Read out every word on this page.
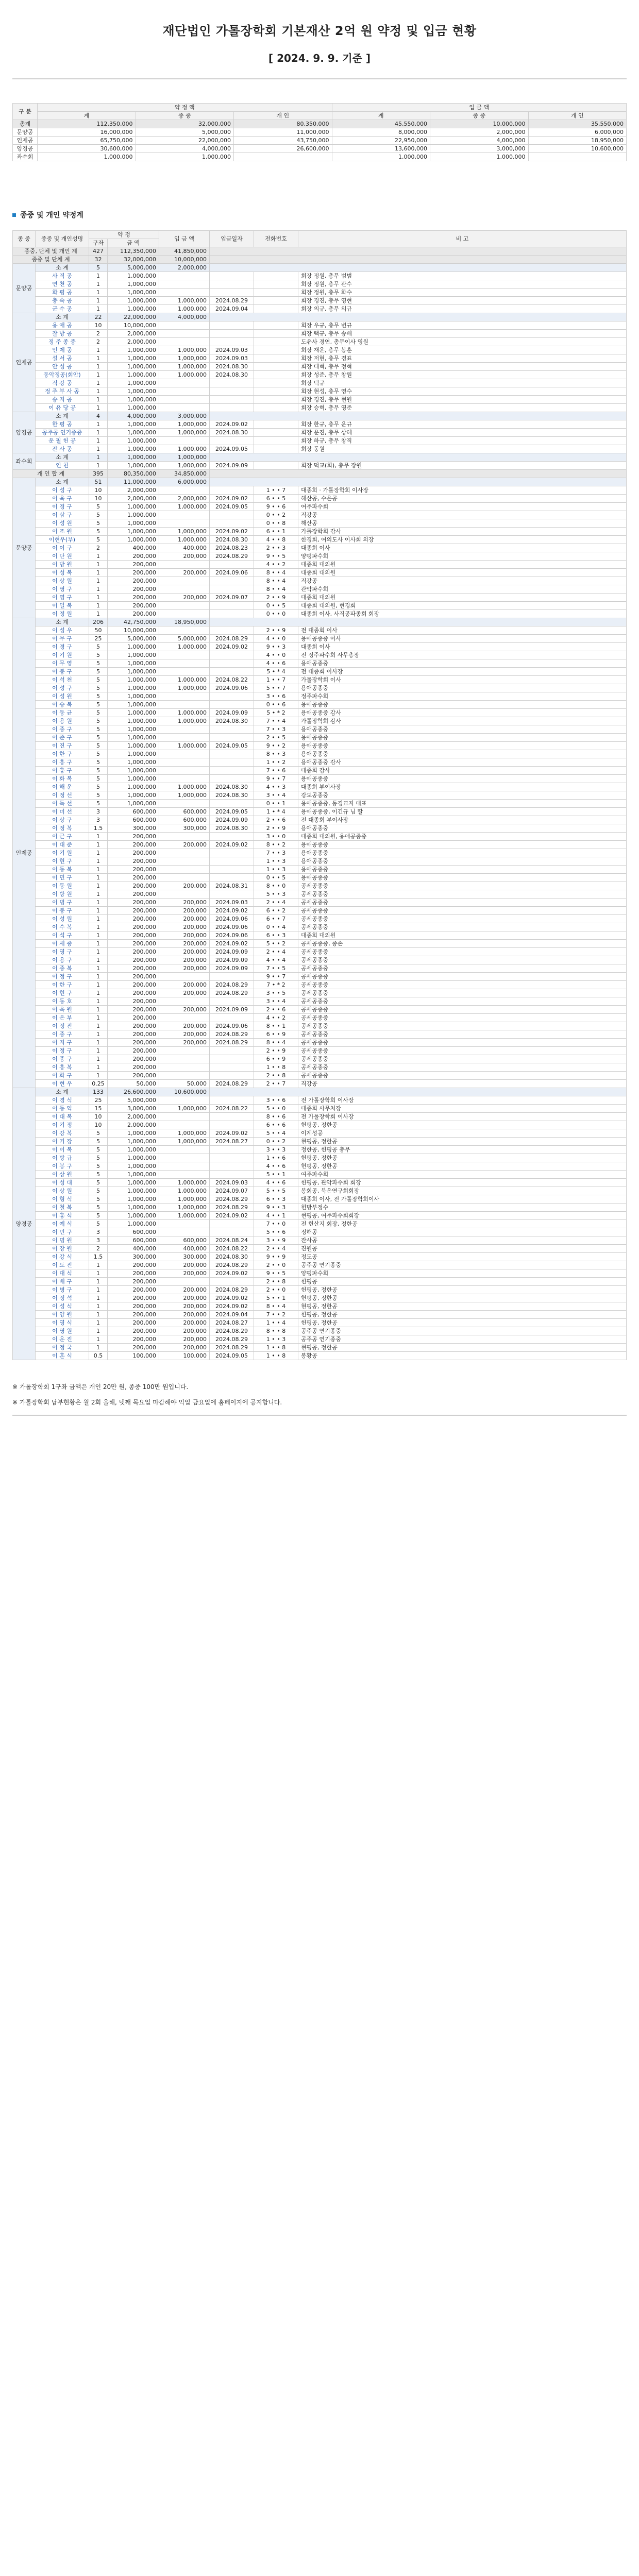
재단법인 가톨장학회 기본재산 2억 원 약정 및 입금 현황
[ 2024. 9. 9. 기준 ]
구 분	약 정 액			입 금 액		
	계	종 중	개 인	계	종 중	개 인
총계	112,350,000	32,000,000	80,350,000	45,550,000	10,000,000	35,550,000
문양공	16,000,000	5,000,000	11,000,000	8,000,000	2,000,000	6,000,000
인제공	65,750,000	22,000,000	43,750,000	22,950,000	4,000,000	18,950,000
양경공	30,600,000	4,000,000	26,600,000	13,600,000	3,000,000	10,600,000
좌수회	1,000,000	1,000,000		1,000,000	1,000,000	
종중 및 개인 약정계
종 중	종중 및 개인성명	약 정		입 금 액	입금일자	전화번호	비 고
		구좌	금 액				
종중, 단체 및 개인 계		427	112,350,000	41,850,000			
종중 및 단체 계		32	32,000,000	10,000,000			
문양공	소 계	5	5,000,000	2,000,000			
	사 직 공	1	1,000,000				회장 정원, 총무 범범
	연 천 공	1	1,000,000				회장 정원, 총무 관수
	화 평 공	1	1,000,000				회장 정원, 총무 화수
	충 숙 공	1	1,000,000	1,000,000	2024.08.29		회장 경진, 총무 영현
	군 수 공	1	1,000,000	1,000,000	2024.09.04		회장 의규, 총무 의규
인제공	소 계	22	22,000,000	4,000,000			
	용 애 공	10	10,000,000				회장 우규, 총무 변규
	찰 방 공	2	2,000,000				회장 택규, 총무 송배
	정 주 종 중	2	2,000,000				도유사 경연, 총무이사 영원
	인 제 공	1	1,000,000	1,000,000	2024.09.03		회장 재운, 총무 봉훈
	설 서 공	1	1,000,000	1,000,000	2024.09.03		회장 저현, 총무 경표
	안 성 공	1	1,000,000	1,000,000	2024.08.30		회장 대혁, 총무 정혁
	동악정공(회안)	1	1,000,000	1,000,000	2024.08.30		회장 성준, 총무 창원
	직 강 공	1	1,000,000				회장 덕규
	정 주 부 사 공	1	1,000,000				회장 현성, 총무 영수
	송 지 공	1	1,000,000				회장 경진, 총무 현원
	이 유 당 공	1	1,000,000				회장 승혁, 총무 영준
양경공	소 계	4	4,000,000	3,000,000			
	한 평 공	1	1,000,000	1,000,000	2024.09.02		회장 한규, 총무 운규
	공주공 연기종중	1	1,000,000	1,000,000	2024.08.30		회장 운진, 총무 상혜
	운 필 헌 공	1	1,000,000				회장 하규, 총무 창직
	잔 사 공	1	1,000,000	1,000,000	2024.09.05		회장 동원
좌수회	소 계	1	1,000,000	1,000,000			
	인 천	1	1,000,000	1,000,000	2024.09.09		회장 덕교(회), 총무 장원
개 인 합 계		395	80,350,000	34,850,000			
문양공	소 계	51	11,000,000	6,000,000			
	이 성 구	10	2,000,000			1 • • 7	대종회 · 가톨장학회 이사장
	이 육 구	10	2,000,000	2,000,000	2024.09.02	6 • • 5	해산공, 수은공
	이 경 구	5	1,000,000	1,000,000	2024.09.05	9 • • 6	여주파수회
	이 삼 구	5	1,000,000			0 • • 2	직강공
	이 성 원	5	1,000,000			0 • • 8	해산공
	이 조 원	5	1,000,000	1,000,000	2024.09.02	6 • • 1	가톨장학회 감사
	이현우(부)	5	1,000,000	1,000,000	2024.08.30	4 • • 8	한경회, 여의도사 이사회 의장
	이 이 구	2	400,000	400,000	2024.08.23	2 • • 3	대종회 이사
	이 단 원	1	200,000	200,000	2024.08.29	9 • • 5	양평파수회
	이 방 원	1	200,000			4 • • 2	대종회 대의원
	이 성 복	1	200,000	200,000	2024.09.06	8 • • 4	대종회 대의원
	이 상 원	1	200,000			8 • • 4	직강공
	이 영 구	1	200,000			8 • • 4	관악파수회
	이 영 구	1	200,000	200,000	2024.09.07	2 • • 9	대종회 대의원
	이 일 복	1	200,000			0 • • 5	대종회 대의원, 현경회
	이 정 원	1	200,000			0 • • 0	대종회 이사, 사직공파종회 회장
인제공	소 계	206	42,750,000	18,950,000			
	이 성 우	50	10,000,000			2 • • 9	전 대종회 이사
	이 무 구	25	5,000,000	5,000,000	2024.08.29	4 • • 0	용애공종중 이사
	이 경 구	5	1,000,000	1,000,000	2024.09.02	9 • • 3	대종회 이사
	이 기 원	5	1,000,000			4 • • 0	전 정주파수회 사무총장
	이 무 영	5	1,000,000			4 • • 6	용애공종중
	이 봉 구	5	1,000,000			5 • * 4	전 대종회 이사장
	이 석 천	5	1,000,000	1,000,000	2024.08.22	1 • • 7	가톨장학회 이사
	이 성 구	5	1,000,000	1,000,000	2024.09.06	5 • • 7	용애공종중
	이 성 원	5	1,000,000			3 • • 6	정주파수회
	이 승 복	5	1,000,000			0 • • 6	용애공종중
	이 동 균	5	1,000,000	1,000,000	2024.09.09	5 • * 2	용애공종중 감사
	이 용 원	5	1,000,000	1,000,000	2024.08.30	7 • • 4	가톨장학회 감사
	이 종 구	5	1,000,000			7 • • 3	용애공종중
	이 준 구	5	1,000,000			2 • • 5	용애공종중
	이 진 구	5	1,000,000	1,000,000	2024.09.05	9 • • 2	용애공종중
	이 한 구	5	1,000,000			8 • • 3	용애공종중
	이 홍 구	5	1,000,000			1 • • 2	용애공종중 감사
	이 홍 구	5	1,000,000			7 • • 6	대종회 감사
	이 화 복	5	1,000,000			9 • • 7	용애공종중
	이 해 운	5	1,000,000	1,000,000	2024.08.30	4 • • 3	대종회 부이사장
	이 정 선	5	1,000,000	1,000,000	2024.08.30	3 • • 4	강도공종중
	이 득 선	5	1,000,000			0 • • 1	용애공종중, 동경교지 대표
	이 미 선	3	600,000	600,000	2024.09.05	1 • * 4	용애공종중, 이긴규 님 딸
	이 상 구	3	600,000	600,000	2024.09.09	2 • • 6	전 대종회 부이사장
	이 정 복	1.5	300,000	300,000	2024.08.30	2 • • 9	용애공종중
	이 근 구	1	200,000			3 • • 0	대종회 대의원, 용애공종중
	이 대 준	1	200,000	200,000	2024.09.02	8 • • 2	용애공종중
	이 기 원	1	200,000			7 • • 3	용애공종중
	이 현 구	1	200,000			1 • • 3	용애공종중
	이 동 복	1	200,000			1 • • 3	용애공종중
	이 민 구	1	200,000			0 • • 5	용애공종중
	이 동 원	1	200,000	200,000	2024.08.31	8 • • 0	공세공종중
	이 방 원	1	200,000			5 • • 3	공세공종중
	이 병 구	1	200,000	200,000	2024.09.03	2 • • 4	공세공종중
	이 봉 구	1	200,000	200,000	2024.09.02	6 • • 2	공세공종중
	이 성 원	1	200,000	200,000	2024.09.06	6 • • 7	공세공종중
	이 수 복	1	200,000	200,000	2024.09.06	0 • • 4	공세공종중
	이 석 구	1	200,000	200,000	2024.09.06	6 • • 3	대종회 대의원
	이 세 중	1	200,000	200,000	2024.09.02	5 • • 2	공세공종중, 종손
	이 영 구	1	200,000	200,000	2024.09.09	2 • • 4	공세공종중
	이 용 구	1	200,000	200,000	2024.09.09	4 • • 4	공세공종중
	이 종 복	1	200,000	200,000	2024.09.09	7 • • 5	공세공종중
	이 정 구	1	200,000			9 • • 7	공세공종중
	이 한 구	1	200,000	200,000	2024.08.29	7 • * 2	공세공종중
	이 현 구	1	200,000	200,000	2024.08.29	3 • • 5	공세공종중
	이 동 호	1	200,000			3 • • 4	공세공종중
	이 옥 원	1	200,000	200,000	2024.09.09	2 • • 6	공세공종중
	이 은 부	1	200,000			4 • • 2	공세공종중
	이 정 진	1	200,000	200,000	2024.09.06	8 • • 1	공세공종중
	이 종 구	1	200,000	200,000	2024.08.29	6 • • 9	공세공종중
	이 지 구	1	200,000	200,000	2024.08.29	8 • • 4	공세공종중
	이 정 구	1	200,000			2 • • 9	공세공종중
	이 종 구	1	200,000			6 • • 9	공세공종중
	이 홍 복	1	200,000			1 • • 8	공세공종중
	이 화 구	1	200,000			2 • • 8	공세공종중
	이 현 우	0.25	50,000	50,000	2024.08.29	2 • • 7	직강공
양경공	소 계	133	26,600,000	10,600,000			
	이 경 식	25	5,000,000			3 • • 6	전 가톨장학회 이사장
	이 동 익	15	3,000,000	1,000,000	2024.08.22	5 • • 0	대종회 사무처장
	이 대 복	10	2,000,000			8 • • 6	전 가톨장학회 이사장
	이 기 정	10	2,000,000			6 • • 6	헌평공, 정한공
	이 강 복	5	1,000,000	1,000,000	2024.09.02	5 • • 4	이계성공
	이 기 장	5	1,000,000	1,000,000	2024.08.27	0 • • 2	현평공, 정한공
	이 이 복	5	1,000,000			3 • • 3	정한공, 헌평공 총무
	이 방 규	5	1,000,000			1 • • 6	헌평공, 정한공
	이 봉 구	5	1,000,000			4 • • 6	헌평공, 정한공
	이 상 원	5	1,000,000			5 • • 1	여주파수회
	이 성 대	5	1,000,000	1,000,000	2024.09.03	4 • • 6	헌평공, 관악파수회 회장
	이 상 원	5	1,000,000	1,000,000	2024.09.07	5 • • 5	봉회공, 북은연구회회장
	이 형 식	5	1,000,000	1,000,000	2024.08.29	6 • • 3	대종회 이사, 전 가톨장학회이사
	이 철 복	5	1,000,000	1,000,000	2024.08.29	9 • • 3	헌방부정수
	이 홍 식	5	1,000,000	1,000,000	2024.09.02	4 • • 1	현평공, 여주파수회회장
	이 예 식	5	1,000,000			7 • • 0	전 헌산지 회장, 정한공
	이 민 구	3	600,000			5 • • 6	정해공
	이 명 원	3	600,000	600,000	2024.08.24	3 • • 9	잔사공
	이 장 원	2	400,000	400,000	2024.08.22	2 • • 4	진원공
	이 강 식	1.5	300,000	300,000	2024.08.30	9 • • 9	정도공
	이 도 진	1	200,000	200,000	2024.08.29	2 • • 0	공주공 연기종중
	이 대 식	1	200,000	200,000	2024.09.02	9 • • 5	양평파수회
	이 배 구	1	200,000			2 • • 8	헌평공
	이 병 구	1	200,000	200,000	2024.08.29	2 • • 0	헌평공, 정한공
	이 정 석	1	200,000	200,000	2024.09.02	5 • • 1	헌평공, 정한공
	이 성 식	1	200,000	200,000	2024.09.02	8 • • 4	현평공, 정한공
	이 양 원	1	200,000	200,000	2024.09.04	7 • • 2	헌평공, 정한공
	이 영 식	1	200,000	200,000	2024.08.27	1 • • 4	헌평공, 정한공
	이 영 원	1	200,000	200,000	2024.08.29	8 • • 8	공주공 연기종중
	이 운 진	1	200,000	200,000	2024.08.29	1 • • 3	공주공 연기종중
	이 정 국	1	200,000	200,000	2024.08.29	1 • • 8	현평공, 정한공
	이 훈 식	0.5	100,000	100,000	2024.09.05	1 • • 8	봉황공

※ 가톨장학회 1구좌 금액은 개인 20만 원, 종중 100만 원입니다.

※ 가톨장학회 납부현황은 월 2회 올해, 넷째 목요일 마감해야 익일 금요일에 홈페이지에 공지합니다.
